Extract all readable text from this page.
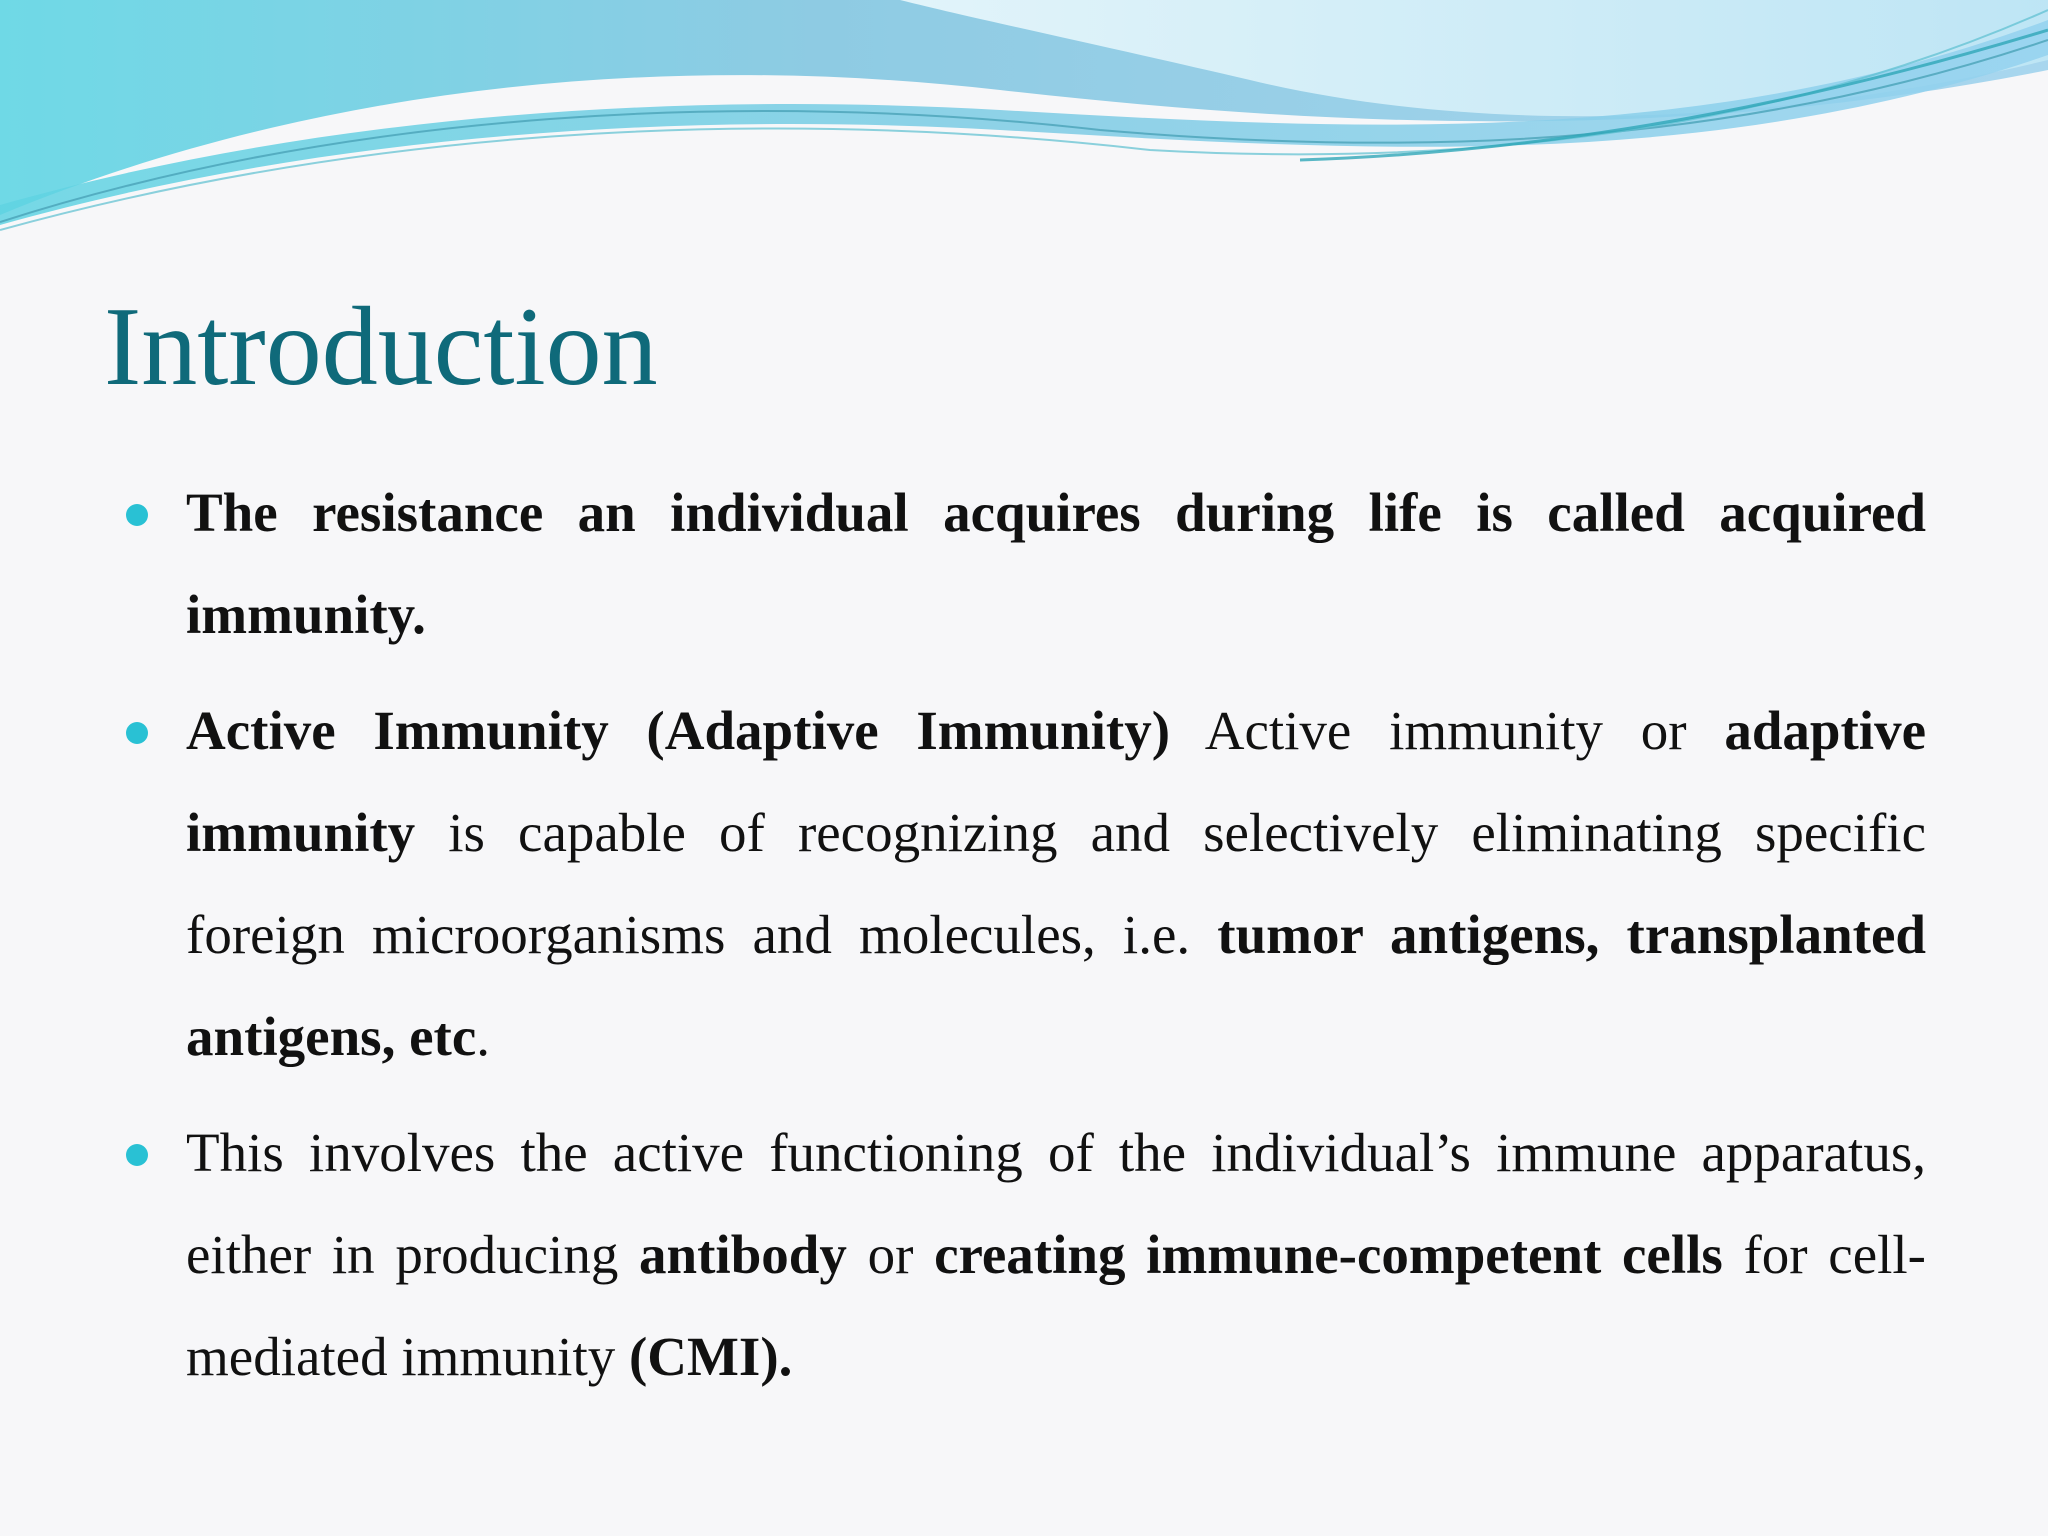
Introduction
The resistance an individual acquires during life is called acquired immunity.
Active Immunity (Adaptive Immunity) Active immunity or adaptive immunity is capable of recognizing and selectively eliminating specific foreign microorganisms and molecules, i.e. tumor antigens, transplanted antigens, etc.
This involves the active functioning of the individual’s immune apparatus, either in producing antibody or creating immune-competent cells for cell-mediated immunity (CMI).
